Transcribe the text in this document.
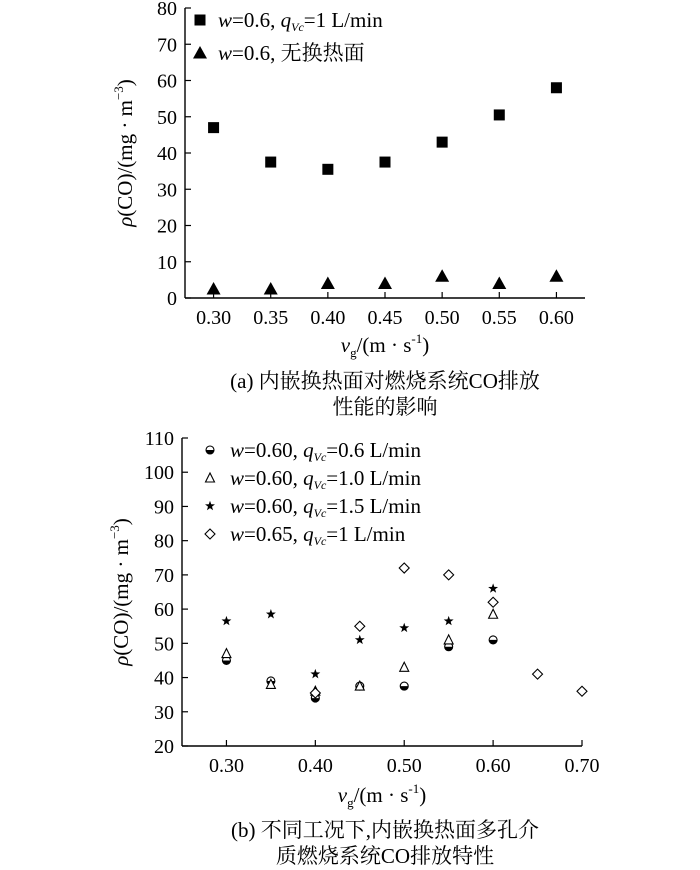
0
10
20
30
40
50
60
70
80
0.30 0.35 0.40 0.45 0.50 0.55 0.60
$v_g/(m \cdot s^{-1})$
$\rho(CO)/(mg \cdot m^{-3})$
w=0.6, qVc=1 L/min
w=0.6, 无换热面
(a) 内嵌换热面对燃烧系统CO排放
性能的影响
20
30
40
50
60
70
80
90
100
110
0.30	0.40	0.50	0.60	0.70
$v_g/(m \cdot s^{-1})$
$\rho(CO)/(mg \cdot m^{-3})$
w=0.60, qVc=0.6 L/min
w=0.60, qVc=1.0 L/min
w=0.60, qVc=1.5 L/min
w=0.65, qVc=1 L/min
(b) 不同工况下,内嵌换热面多孔介
质燃烧系统CO排放特性
